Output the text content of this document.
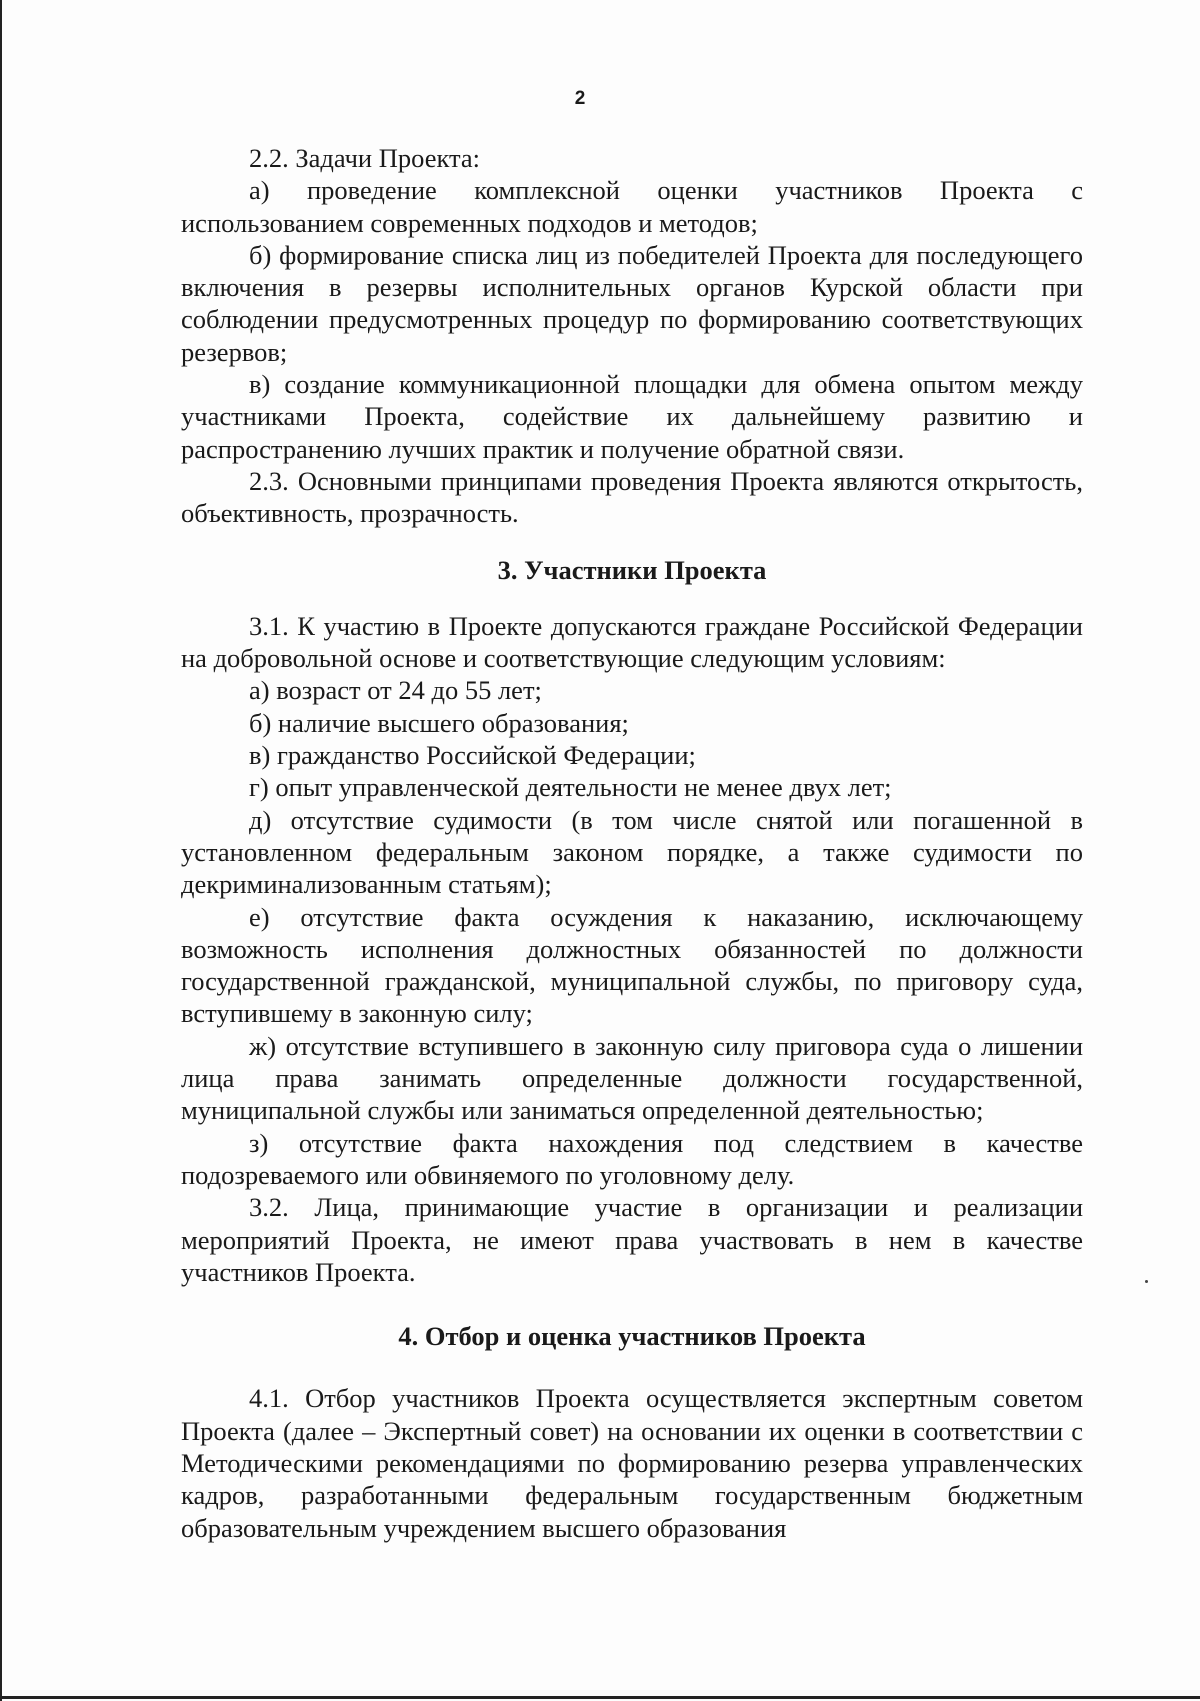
2

2.2. Задачи Проекта:

а) проведение комплексной оценки участников Проекта с использованием современных подходов и методов;

б) формирование списка лиц из победителей Проекта для последующего включения в резервы исполнительных органов Курской области при соблюдении предусмотренных процедур по формированию соответствующих резервов;

в) создание коммуникационной площадки для обмена опытом между участниками Проекта, содействие их дальнейшему развитию и распространению лучших практик и получение обратной связи.

2.3. Основными принципами проведения Проекта являются открытость, объективность, прозрачность.

3. Участники Проекта

3.1. К участию в Проекте допускаются граждане Российской Федерации на добровольной основе и соответствующие следующим условиям:

а) возраст от 24 до 55 лет;

б) наличие высшего образования;

в) гражданство Российской Федерации;

г) опыт управленческой деятельности не менее двух лет;

д) отсутствие судимости (в том числе снятой или погашенной в установленном федеральным законом порядке, а также судимости по декриминализованным статьям);

е) отсутствие факта осуждения к наказанию, исключающему возможность исполнения должностных обязанностей по должности государственной гражданской, муниципальной службы, по приговору суда, вступившему в законную силу;

ж) отсутствие вступившего в законную силу приговора суда о лишении лица права занимать определенные должности государственной, муниципальной службы или заниматься определенной деятельностью;

з) отсутствие факта нахождения под следствием в качестве подозреваемого или обвиняемого по уголовному делу.

3.2. Лица, принимающие участие в организации и реализации мероприятий Проекта, не имеют права участвовать в нем в качестве участников Проекта.

4. Отбор и оценка участников Проекта

4.1. Отбор участников Проекта осуществляется экспертным советом Проекта (далее – Экспертный совет) на основании их оценки в соответствии с Методическими рекомендациями по формированию резерва управленческих кадров, разработанными федеральным государственным бюджетным образовательным учреждением высшего образования
